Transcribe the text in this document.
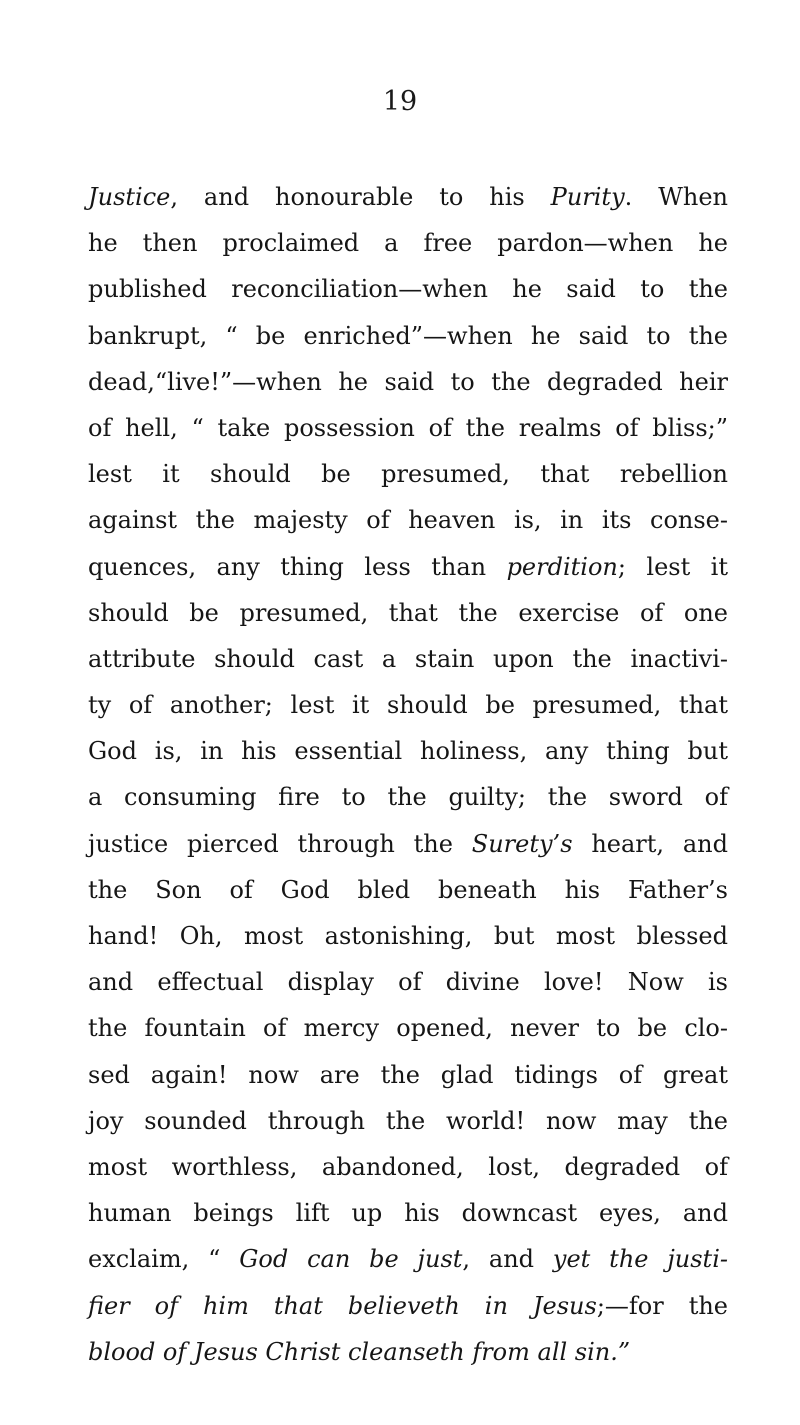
19
Justice, and honourable to his Purity. When
he then proclaimed a free pardon—when he
published reconciliation—when he said to the
bankrupt, “ be enriched”—when he said to the
dead,“live!”—when he said to the degraded heir
of hell, “ take possession of the realms of bliss;”
lest it should be presumed, that rebellion
against the majesty of heaven is, in its conse-
quences, any thing less than perdition; lest it
should be presumed, that the exercise of one
attribute should cast a stain upon the inactivi-
ty of another; lest it should be presumed, that
God is, in his essential holiness, any thing but
a consuming fire to the guilty; the sword of
justice pierced through the Surety’s heart, and
the Son of God bled beneath his Father’s
hand! Oh, most astonishing, but most blessed
and effectual display of divine love! Now is
the fountain of mercy opened, never to be clo-
sed again! now are the glad tidings of great
joy sounded through the world! now may the
most worthless, abandoned, lost, degraded of
human beings lift up his downcast eyes, and
exclaim, “ God can be just, and yet the justi-
fier of him that believeth in Jesus;—for the
blood of Jesus Christ cleanseth from all sin.”
